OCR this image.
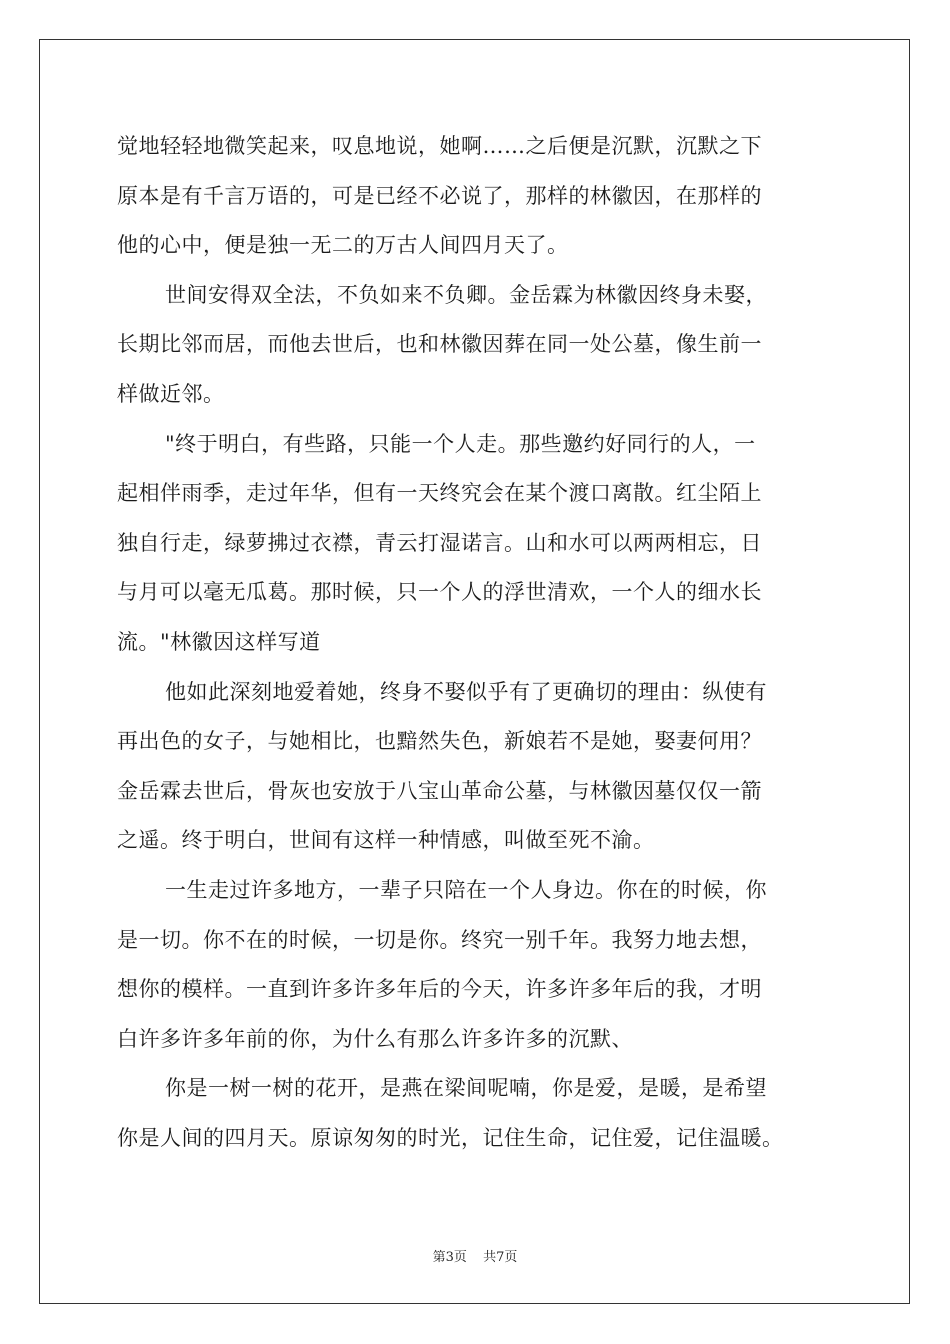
觉地轻轻地微笑起来，叹息地说，她啊……之后便是沉默，沉默之下
原本是有千言万语的，可是已经不必说了，那样的林徽因，在那样的
他的心中，便是独一无二的万古人间四月天了。
世间安得双全法，不负如来不负卿。金岳霖为林徽因终身未娶，
长期比邻而居，而他去世后，也和林徽因葬在同一处公墓，像生前一
样做近邻。
"终于明白，有些路，只能一个人走。那些邀约好同行的人，一
起相伴雨季，走过年华，但有一天终究会在某个渡口离散。红尘陌上
独自行走，绿萝拂过衣襟，青云打湿诺言。山和水可以两两相忘，日
与月可以毫无瓜葛。那时候，只一个人的浮世清欢，一个人的细水长
流。"林徽因这样写道
他如此深刻地爱着她，终身不娶似乎有了更确切的理由：纵使有
再出色的女子，与她相比，也黯然失色，新娘若不是她，娶妻何用？
金岳霖去世后，骨灰也安放于八宝山革命公墓，与林徽因墓仅仅一箭
之遥。终于明白，世间有这样一种情感，叫做至死不渝。
一生走过许多地方，一辈子只陪在一个人身边。你在的时候，你
是一切。你不在的时候，一切是你。终究一别千年。我努力地去想，
想你的模样。一直到许多许多年后的今天，许多许多年后的我，才明
白许多许多年前的你，为什么有那么许多许多的沉默、
你是一树一树的花开，是燕在梁间呢喃，你是爱，是暖，是希望
你是人间的四月天。原谅匆匆的时光，记住生命，记住爱，记住温暖。
第3页 共7页
